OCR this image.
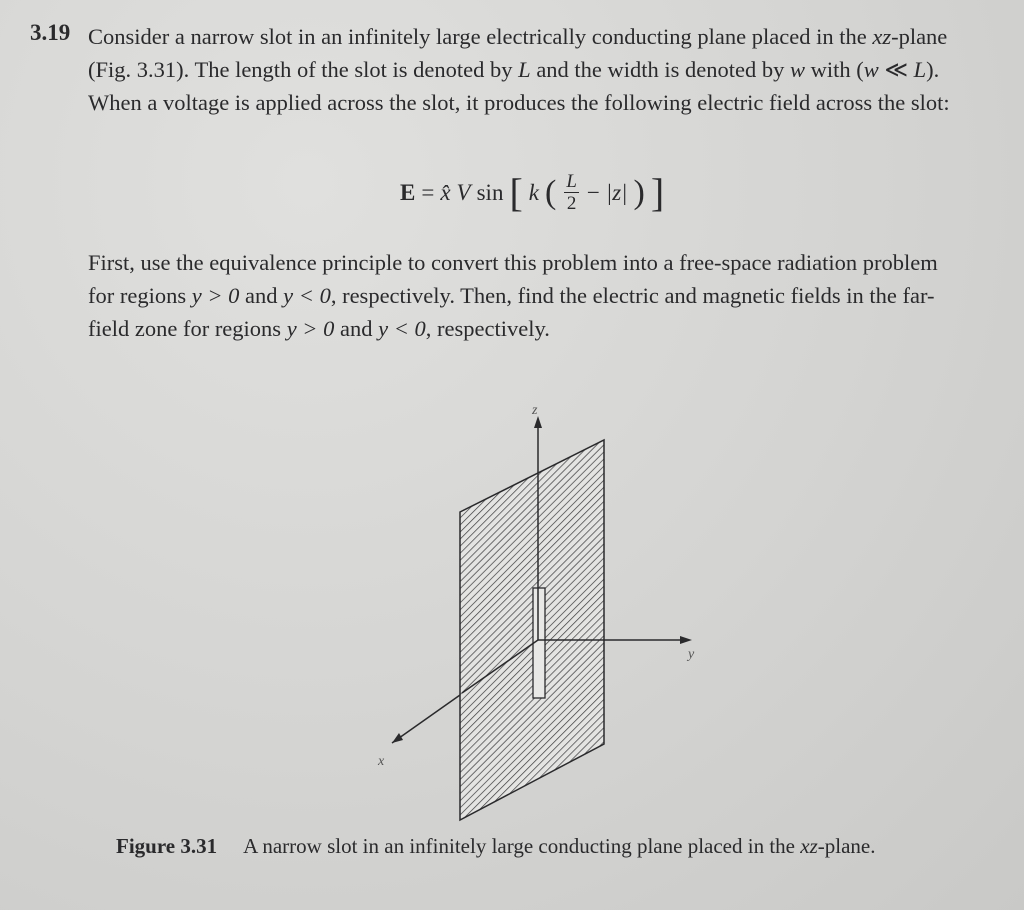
3.19 Consider a narrow slot in an infinitely large electrically conducting plane placed in the xz-plane (Fig. 3.31). The length of the slot is denoted by L and the width is denoted by w with (w ≪ L). When a voltage is applied across the slot, it produces the following electric field across the slot:
E = x̂ V sin [ k ( $\frac{L}{2} - |z|$ ) ]
First, use the equivalence principle to convert this problem into a free-space radiation problem for regions y > 0 and y < 0, respectively. Then, find the electric and magnetic fields in the far-field zone for regions y > 0 and y < 0, respectively.
z
y
x
Figure 3.31 A narrow slot in an infinitely large conducting plane placed in the xz-plane.
